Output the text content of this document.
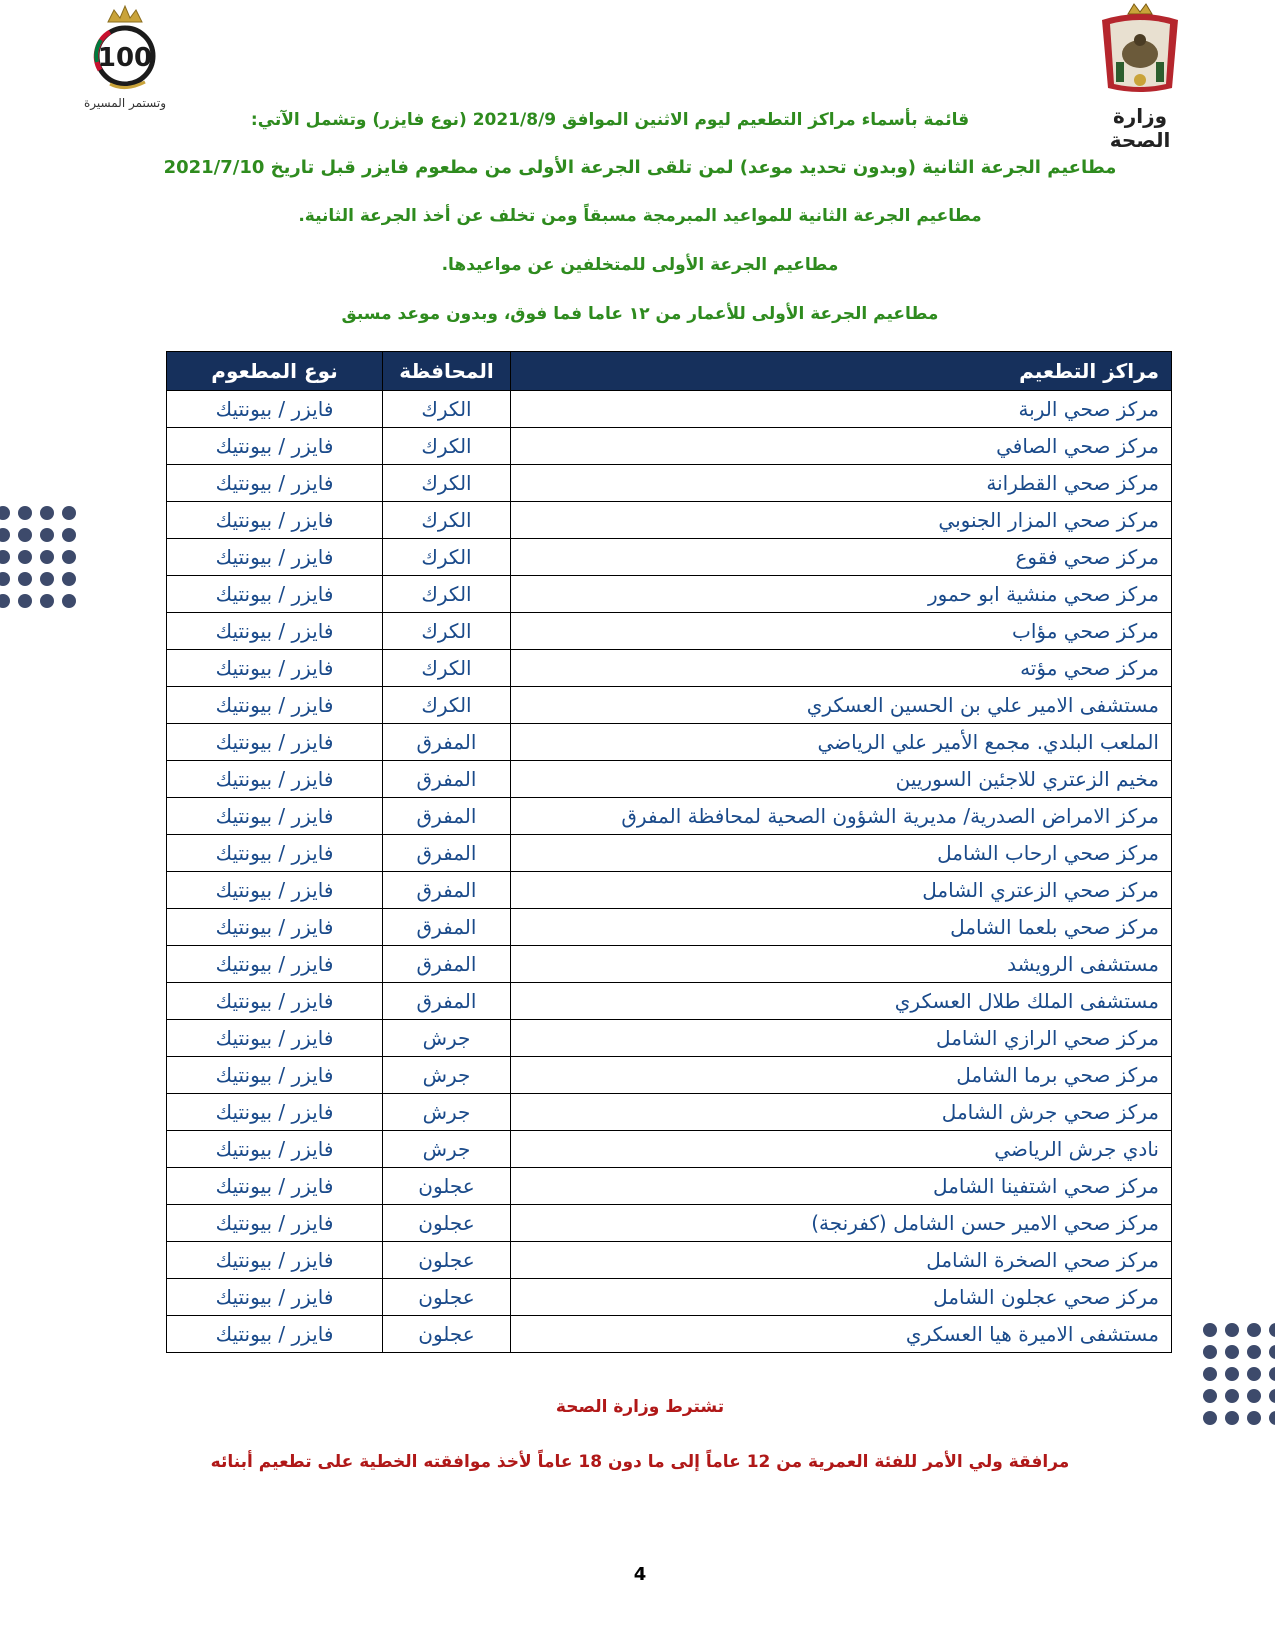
100
وتستمر المسيرة
وزارة الصحة
قائمة بأسماء مراكز التطعيم ليوم الاثنين الموافق 2021/8/9 (نوع فايزر) وتشمل الآتي:
مطاعيم الجرعة الثانية (وبدون تحديد موعد) لمن تلقى الجرعة الأولى من مطعوم فايزر قبل تاريخ 2021/7/10
مطاعيم الجرعة الثانية للمواعيد المبرمجة مسبقاً ومن تخلف عن أخذ الجرعة الثانية.
مطاعيم الجرعة الأولى للمتخلفين عن مواعيدها.
مطاعيم الجرعة الأولى للأعمار من ١٢ عاما فما فوق، وبدون موعد مسبق
مراكز التطعيم	المحافظة	نوع المطعوم
مركز صحي الربة	الكرك	فايزر / بيونتيك
مركز صحي الصافي	الكرك	فايزر / بيونتيك
مركز صحي القطرانة	الكرك	فايزر / بيونتيك
مركز صحي المزار الجنوبي	الكرك	فايزر / بيونتيك
مركز صحي فقوع	الكرك	فايزر / بيونتيك
مركز صحي منشية ابو حمور	الكرك	فايزر / بيونتيك
مركز صحي مؤاب	الكرك	فايزر / بيونتيك
مركز صحي مؤته	الكرك	فايزر / بيونتيك
مستشفى الامير علي بن الحسين العسكري	الكرك	فايزر / بيونتيك
الملعب البلدي. مجمع الأمير علي الرياضي	المفرق	فايزر / بيونتيك
مخيم الزعتري للاجئين السوريين	المفرق	فايزر / بيونتيك
مركز الامراض الصدرية/ مديرية الشؤون الصحية لمحافظة المفرق	المفرق	فايزر / بيونتيك
مركز صحي ارحاب الشامل	المفرق	فايزر / بيونتيك
مركز صحي الزعتري الشامل	المفرق	فايزر / بيونتيك
مركز صحي بلعما الشامل	المفرق	فايزر / بيونتيك
مستشفى الرويشد	المفرق	فايزر / بيونتيك
مستشفى الملك طلال العسكري	المفرق	فايزر / بيونتيك
مركز صحي الرازي الشامل	جرش	فايزر / بيونتيك
مركز صحي برما الشامل	جرش	فايزر / بيونتيك
مركز صحي جرش الشامل	جرش	فايزر / بيونتيك
نادي جرش الرياضي	جرش	فايزر / بيونتيك
مركز صحي اشتفينا الشامل	عجلون	فايزر / بيونتيك
مركز صحي الامير حسن الشامل (كفرنجة)	عجلون	فايزر / بيونتيك
مركز صحي الصخرة الشامل	عجلون	فايزر / بيونتيك
مركز صحي عجلون الشامل	عجلون	فايزر / بيونتيك
مستشفى الاميرة هيا العسكري	عجلون	فايزر / بيونتيك
تشترط وزارة الصحة
مرافقة ولي الأمر للفئة العمرية من 12 عاماً إلى ما دون 18 عاماً لأخذ موافقته الخطية على تطعيم أبنائه
4
